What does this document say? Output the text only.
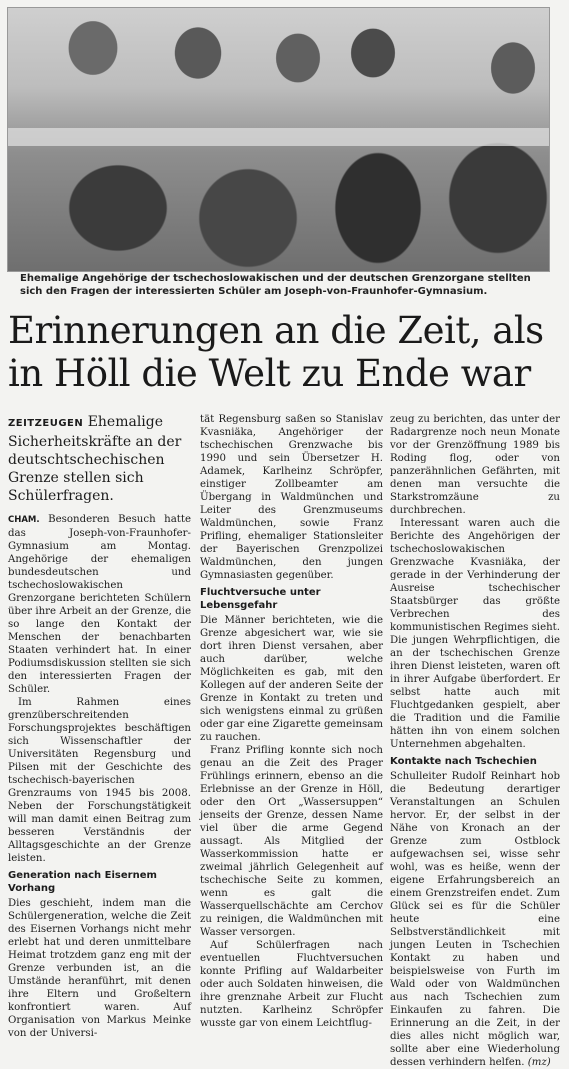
Ehemalige Angehörige der tschechoslowakischen und der deutschen Grenzorgane stellten sich den Fragen der interessierten Schüler am Joseph-von-Fraunhofer-Gymnasium.
Erinnerungen an die Zeit, als
in Höll die Welt zu Ende war
ZEITZEUGEN Ehemalige Sicherheitskräfte an der deutschtschechischen Grenze stellen sich Schülerfragen.

CHAM. Besonderen Besuch hatte das Joseph-von-Fraunhofer-Gymnasium am Montag. Angehörige der ehemaligen bundesdeutschen und tschechoslowakischen Grenzorgane berichteten Schülern über ihre Arbeit an der Grenze, die so lange den Kontakt der Menschen der benachbarten Staaten verhindert hat. In einer Podiumsdiskussion stellten sie sich den interessierten Fragen der Schüler.

Im Rahmen eines grenzüberschreitenden Forschungsprojektes beschäftigen sich Wissenschaftler der Universitäten Regensburg und Pilsen mit der Geschichte des tschechisch-bayerischen Grenzraums von 1945 bis 2008. Neben der Forschungstätigkeit will man damit einen Beitrag zum besseren Verständnis der Alltagsgeschichte an der Grenze leisten.

Generation nach Eisernem Vorhang

Dies geschieht, indem man die Schülergeneration, welche die Zeit des Eisernen Vorhangs nicht mehr erlebt hat und deren unmittelbare Heimat trotzdem ganz eng mit der Grenze verbunden ist, an die Umstände heranführt, mit denen ihre Eltern und Großeltern konfrontiert waren. Auf Organisation von Markus Meinke von der Universi-

tät Regensburg saßen so Stanislav Kvasniäka, Angehöriger der tschechischen Grenzwache bis 1990 und sein Übersetzer H. Adamek, Karlheinz Schröpfer, einstiger Zollbeamter am Übergang in Waldmünchen und Leiter des Grenzmuseums Waldmünchen, sowie Franz Prifling, ehemaliger Stationsleiter der Bayerischen Grenzpolizei Waldmünchen, den jungen Gymnasiasten gegenüber.

Fluchtversuche unter Lebensgefahr

Die Männer berichteten, wie die Grenze abgesichert war, wie sie dort ihren Dienst versahen, aber auch darüber, welche Möglichkeiten es gab, mit den Kollegen auf der anderen Seite der Grenze in Kontakt zu treten und sich wenigstens einmal zu grüßen oder gar eine Zigarette gemeinsam zu rauchen.

Franz Prifling konnte sich noch genau an die Zeit des Prager Frühlings erinnern, ebenso an die Erlebnisse an der Grenze in Höll, oder den Ort „Wassersuppen“ jenseits der Grenze, dessen Name viel über die arme Gegend aussagt. Als Mitglied der Wasserkommission hatte er zweimal jährlich Gelegenheit auf tschechische Seite zu kommen, wenn es galt die Wasserquellschächte am Cerchov zu reinigen, die Waldmünchen mit Wasser versorgen.

Auf Schülerfragen nach eventuellen Fluchtversuchen konnte Prifling auf Waldarbeiter oder auch Soldaten hinweisen, die ihre grenznahe Arbeit zur Flucht nutzten. Karlheinz Schröpfer wusste gar von einem Leichtflug-

zeug zu berichten, das unter der Radargrenze noch neun Monate vor der Grenzöffnung 1989 bis Roding flog, oder von panzerähnlichen Gefährten, mit denen man versuchte die Starkstromzäune zu durchbrechen.

Interessant waren auch die Berichte des Angehörigen der tschechoslowakischen Grenzwache Kvasniäka, der gerade in der Verhinderung der Ausreise tschechischer Staatsbürger das größte Verbrechen des kommunistischen Regimes sieht. Die jungen Wehrpflichtigen, die an der tschechischen Grenze ihren Dienst leisteten, waren oft in ihrer Aufgabe überfordert. Er selbst hatte auch mit Fluchtgedanken gespielt, aber die Tradition und die Familie hätten ihn von einem solchen Unternehmen abgehalten.

Kontakte nach Tschechien

Schulleiter Rudolf Reinhart hob die Bedeutung derartiger Veranstaltungen an Schulen hervor. Er, der selbst in der Nähe von Kronach an der Grenze zum Ostblock aufgewachsen sei, wisse sehr wohl, was es heiße, wenn der eigene Erfahrungsbereich an einem Grenzstreifen endet. Zum Glück sei es für die Schüler heute eine Selbstverständlichkeit mit jungen Leuten in Tschechien Kontakt zu haben und beispielsweise von Furth im Wald oder von Waldmünchen aus nach Tschechien zum Einkaufen zu fahren. Die Erinnerung an die Zeit, in der dies alles nicht möglich war, sollte aber eine Wiederholung dessen verhindern helfen. (mz)
